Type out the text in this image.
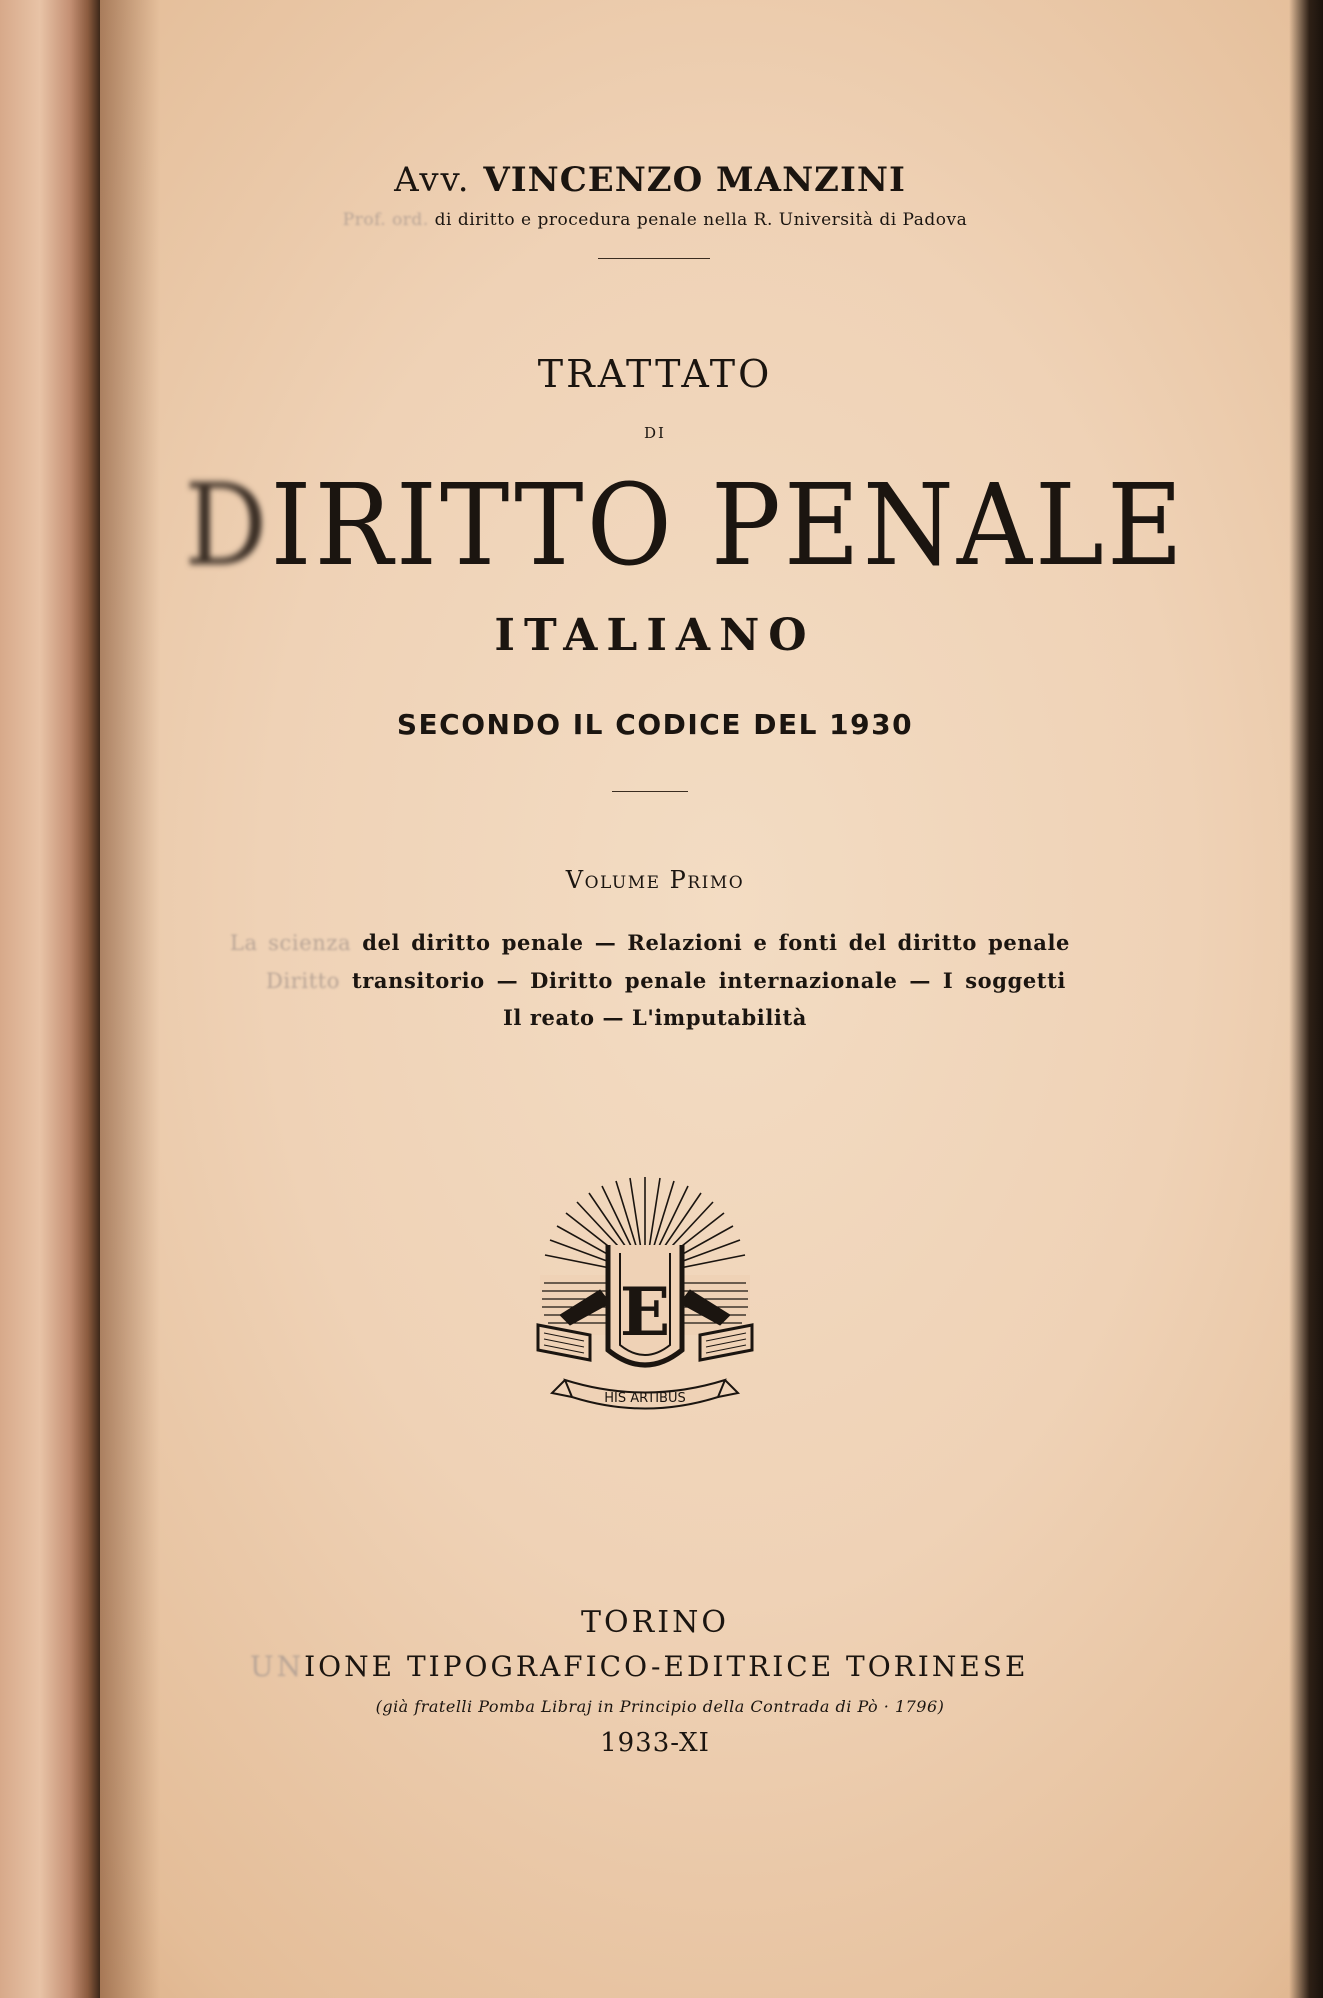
Avv. VINCENZO MANZINI
Prof. ord. di diritto e procedura penale nella R. Università di Padova
TRATTATO
DI
DIRITTO PENALE
ITALIANO
SECONDO IL CODICE DEL 1930
Volume Primo
La scienza del diritto penale — Relazioni e fonti del diritto penale
Diritto transitorio — Diritto penale internazionale — I soggetti
Il reato — L'imputabilità
E
HIS ARTIBUS
TORINO
UNIONE TIPOGRAFICO-EDITRICE TORINESE
(già fratelli Pomba Libraj in Principio della Contrada di Pò · 1796)
1933-XI
